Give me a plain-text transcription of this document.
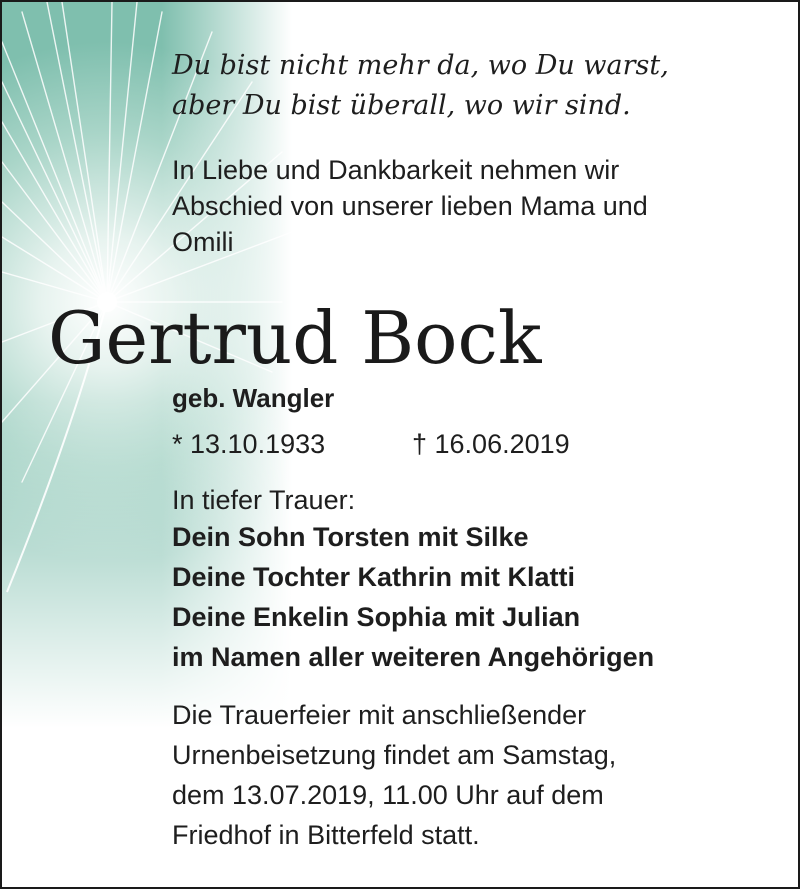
Du bist nicht mehr da, wo Du warst,
aber Du bist überall, wo wir sind.
In Liebe und Dankbarkeit nehmen wir
Abschied von unserer lieben Mama und
Omili
Gertrud Bock
geb. Wangler
* 13.10.1933	† 16.06.2019
In tiefer Trauer:
Dein Sohn Torsten mit Silke
Deine Tochter Kathrin mit Klatti
Deine Enkelin Sophia mit Julian
im Namen aller weiteren Angehörigen
Die Trauerfeier mit anschließender
Urnenbeisetzung findet am Samstag,
dem 13.07.2019, 11.00 Uhr auf dem
Friedhof in Bitterfeld statt.
